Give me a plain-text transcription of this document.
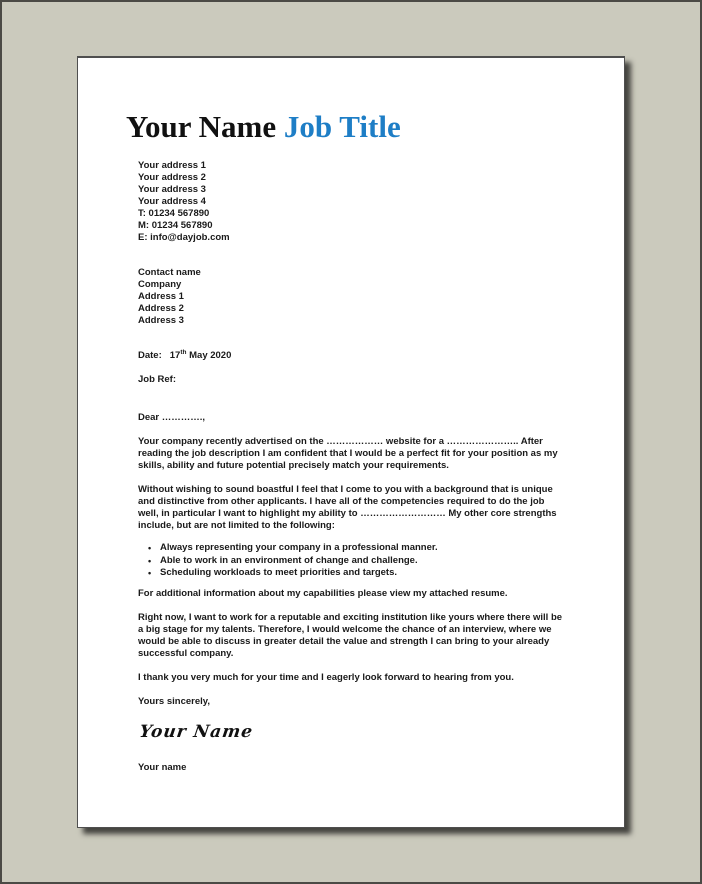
Your Name Job Title
Your address 1
Your address 2
Your address 3
Your address 4
T: 01234 567890
M: 01234 567890
E: info@dayjob.com
Contact name
Company
Address 1
Address 2
Address 3
Date: 17th May 2020
Job Ref:
Dear ………….,
Your company recently advertised on the ……………… website for a ………………….. After reading the job description I am confident that I would be a perfect fit for your position as my skills, ability and future potential precisely match your requirements.
Without wishing to sound boastful I feel that I come to you with a background that is unique and distinctive from other applicants. I have all of the competencies required to do the job well, in particular I want to highlight my ability to ……………………… My other core strengths include, but are not limited to the following:
• Always representing your company in a professional manner.
• Able to work in an environment of change and challenge.
• Scheduling workloads to meet priorities and targets.
For additional information about my capabilities please view my attached resume.
Right now, I want to work for a reputable and exciting institution like yours where there will be a big stage for my talents. Therefore, I would welcome the chance of an interview, where we would be able to discuss in greater detail the value and strength I can bring to your already successful company.
I thank you very much for your time and I eagerly look forward to hearing from you.
Yours sincerely,
Your Name
Your name
